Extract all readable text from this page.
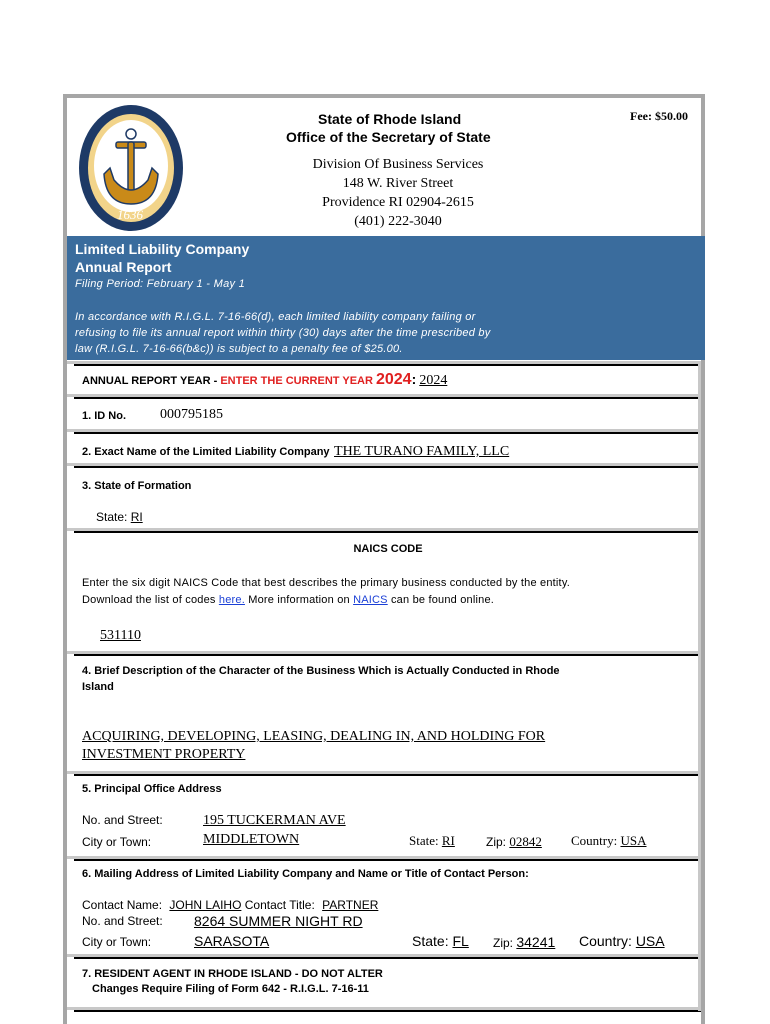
1636
State of Rhode Island
Office of the Secretary of State
Fee: $50.00
Division Of Business Services
148 W. River Street
Providence RI 02904-2615
(401) 222-3040
Limited Liability Company
Annual Report
Filing Period: February 1 - May 1
In accordance with R.I.G.L. 7-16-66(d), each limited liability company failing or
refusing to file its annual report within thirty (30) days after the time prescribed by
law (R.I.G.L. 7-16-66(b&c)) is subject to a penalty fee of $25.00.
ANNUAL REPORT YEAR - ENTER THE CURRENT YEAR 2024: 2024
1. ID No. 000795185
2. Exact Name of the Limited Liability Company THE TURANO FAMILY, LLC
3. State of Formation
State: RI
NAICS CODE
Enter the six digit NAICS Code that best describes the primary business conducted by the entity.
Download the list of codes here. More information on NAICS can be found online.
531110
4. Brief Description of the Character of the Business Which is Actually Conducted in Rhode
Island
ACQUIRING, DEVELOPING, LEASING, DEALING IN, AND HOLDING FOR
INVESTMENT PROPERTY
5. Principal Office Address
No. and Street:	195 TUCKERMAN AVE
City or Town:	MIDDLETOWN	State: RI	Zip: 02842 Country: USA
6. Mailing Address of Limited Liability Company and Name or Title of Contact Person:
Contact Name: JOHN LAIHO Contact Title: PARTNER
No. and Street: 8264 SUMMER NIGHT RD
City or Town:	SARASOTA	State: FL Zip: 34241 Country: USA
7. RESIDENT AGENT IN RHODE ISLAND - DO NOT ALTER
Changes Require Filing of Form 642 - R.I.G.L. 7-16-11
